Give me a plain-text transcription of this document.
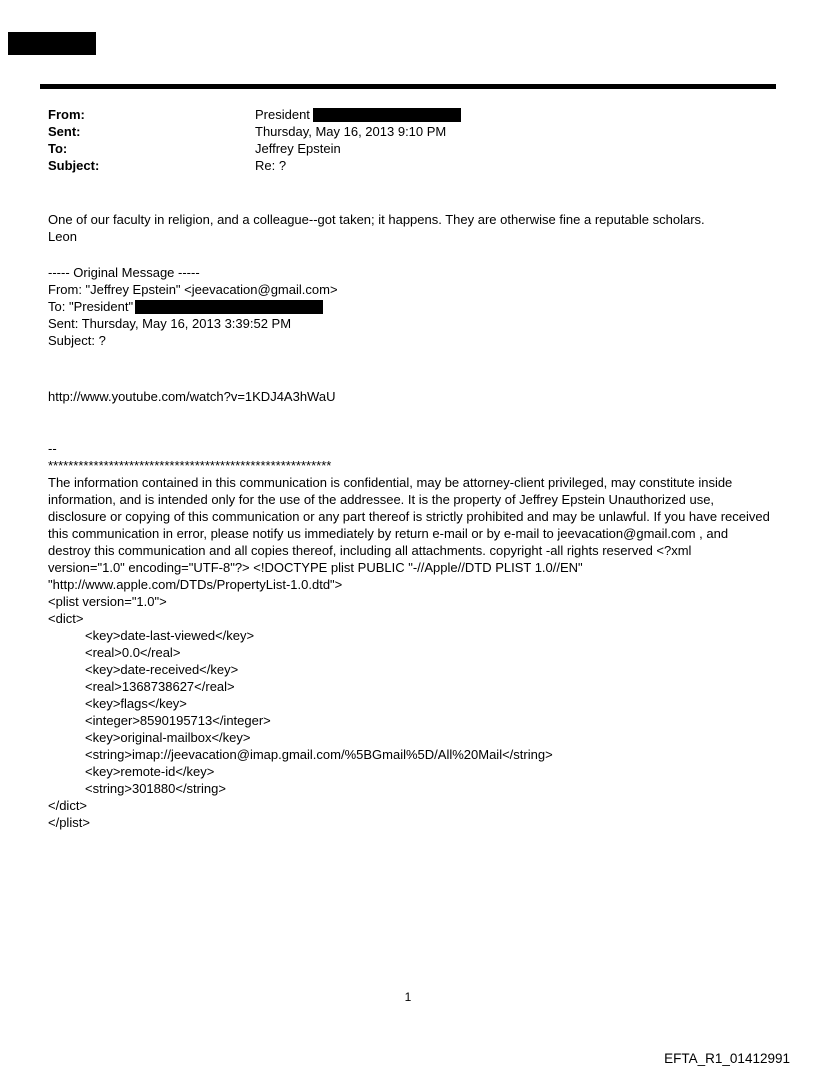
From:	President
Sent:	Thursday, May 16, 2013 9:10 PM
To:	Jeffrey Epstein
Subject:	Re: ?
One of our faculty in religion, and a colleague--got taken; it happens. They are otherwise fine a reputable scholars.
Leon
----- Original Message -----
From: "Jeffrey Epstein" <jeevacation@gmail.com>
To: "President"
Sent: Thursday, May 16, 2013 3:39:52 PM
Subject: ?
http://www.youtube.com/watch?v=1KDJ4A3hWaU
--
********************************************************
The information contained in this communication is confidential, may be attorney-client privileged, may constitute inside information, and is intended only for the use of the addressee. It is the property of Jeffrey Epstein Unauthorized use, disclosure or copying of this communication or any part thereof is strictly prohibited and may be unlawful. If you have received this communication in error, please notify us immediately by return e-mail or by e-mail to jeevacation@gmail.com , and destroy this communication and all copies thereof, including all attachments. copyright -all rights reserved <?xml version="1.0" encoding="UTF-8"?> <!DOCTYPE plist PUBLIC "-//Apple//DTD PLIST 1.0//EN" "http://www.apple.com/DTDs/PropertyList-1.0.dtd">
<plist version="1.0">
<dict>
<key>date-last-viewed</key>
<real>0.0</real>
<key>date-received</key>
<real>1368738627</real>
<key>flags</key>
<integer>8590195713</integer>
<key>original-mailbox</key>
<string>imap://jeevacation@imap.gmail.com/%5BGmail%5D/All%20Mail</string>
<key>remote-id</key>
<string>301880</string>
</dict>
</plist>
1
EFTA_R1_01412991
